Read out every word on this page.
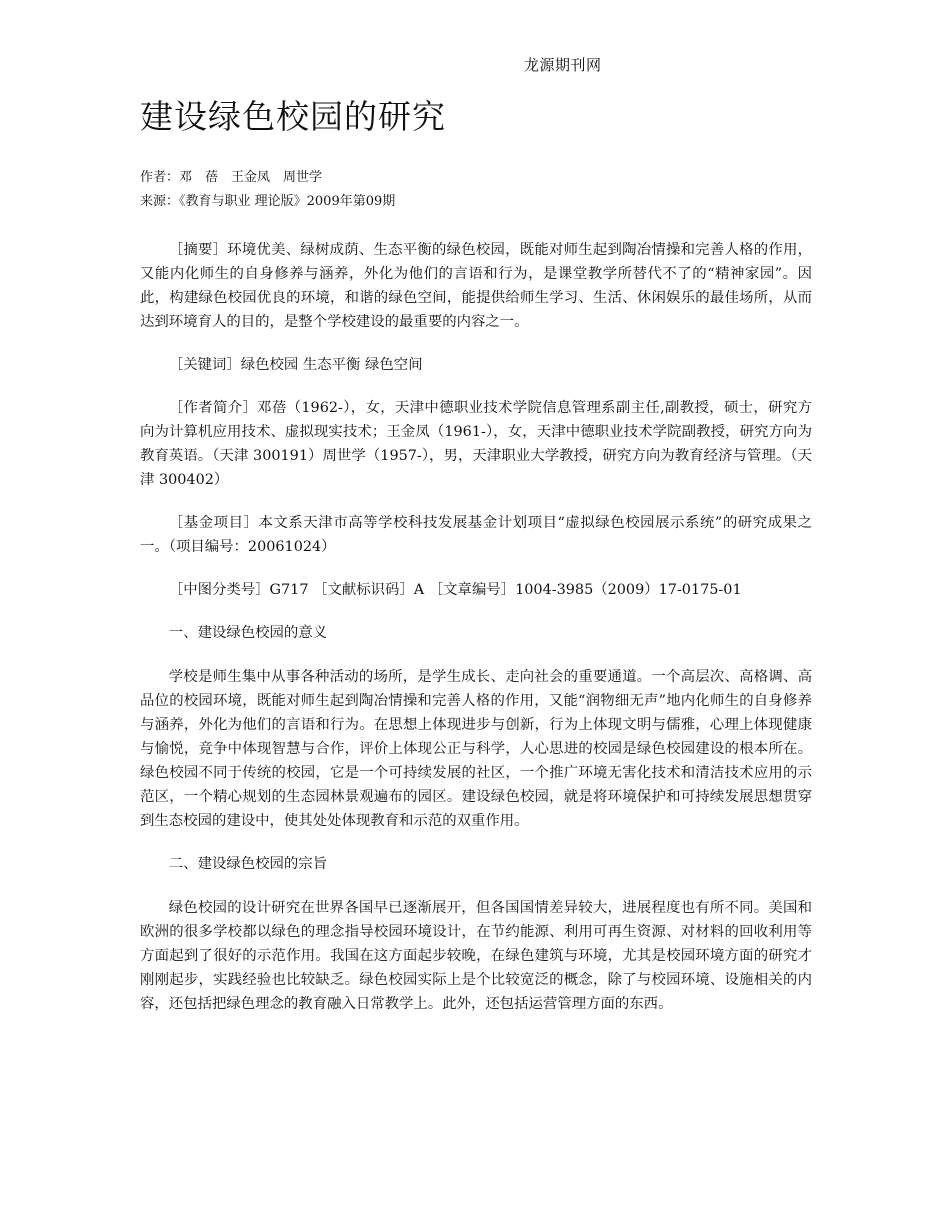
龙源期刊网
建设绿色校园的研究
作者：邓　蓓　王金凤　周世学
来源：《教育与职业 理论版》2009年第09期

［摘要］环境优美、绿树成荫、生态平衡的绿色校园，既能对师生起到陶冶情操和完善人格的作用，又能内化师生的自身修养与涵养，外化为他们的言语和行为，是课堂教学所替代不了的“精神家园”。因此，构建绿色校园优良的环境，和谐的绿色空间，能提供给师生学习、生活、休闲娱乐的最佳场所，从而达到环境育人的目的，是整个学校建设的最重要的内容之一。

［关键词］绿色校园 生态平衡 绿色空间

［作者简介］邓蓓（1962-），女，天津中德职业技术学院信息管理系副主任,副教授，硕士，研究方向为计算机应用技术、虚拟现实技术；王金凤（1961-），女，天津中德职业技术学院副教授，研究方向为教育英语。（天津 300191）周世学（1957-），男，天津职业大学教授，研究方向为教育经济与管理。（天津 300402）

［基金项目］本文系天津市高等学校科技发展基金计划项目“虚拟绿色校园展示系统”的研究成果之一。（项目编号：20061024）

［中图分类号］G717 ［文献标识码］A ［文章编号］1004-3985（2009）17-0175-01

一、建设绿色校园的意义

学校是师生集中从事各种活动的场所，是学生成长、走向社会的重要通道。一个高层次、高格调、高品位的校园环境，既能对师生起到陶冶情操和完善人格的作用，又能“润物细无声”地内化师生的自身修养与涵养，外化为他们的言语和行为。在思想上体现进步与创新，行为上体现文明与儒雅，心理上体现健康与愉悦，竞争中体现智慧与合作，评价上体现公正与科学，人心思进的校园是绿色校园建设的根本所在。绿色校园不同于传统的校园，它是一个可持续发展的社区，一个推广环境无害化技术和清洁技术应用的示范区，一个精心规划的生态园林景观遍布的园区。建设绿色校园，就是将环境保护和可持续发展思想贯穿到生态校园的建设中，使其处处体现教育和示范的双重作用。

二、建设绿色校园的宗旨

绿色校园的设计研究在世界各国早已逐渐展开，但各国国情差异较大，进展程度也有所不同。美国和欧洲的很多学校都以绿色的理念指导校园环境设计，在节约能源、利用可再生资源、对材料的回收利用等方面起到了很好的示范作用。我国在这方面起步较晚，在绿色建筑与环境，尤其是校园环境方面的研究才刚刚起步，实践经验也比较缺乏。绿色校园实际上是个比较宽泛的概念，除了与校园环境、设施相关的内容，还包括把绿色理念的教育融入日常教学上。此外，还包括运营管理方面的东西。
